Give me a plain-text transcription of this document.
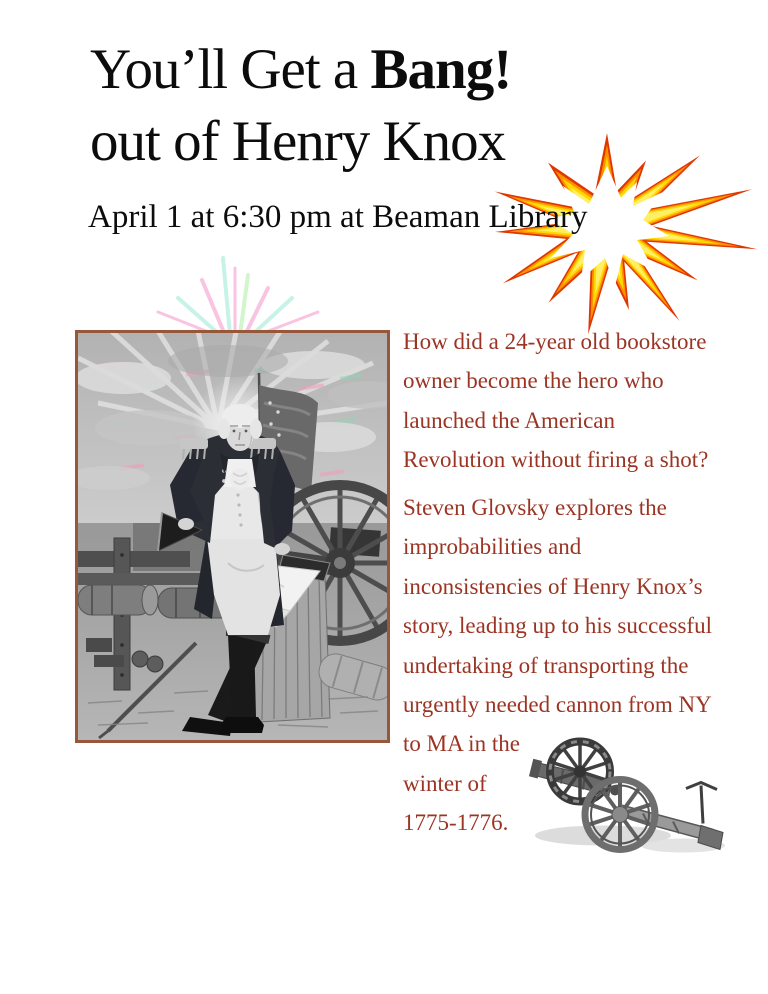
You’ll Get a Bang!
out of Henry Knox
April 1 at 6:30 pm at Beaman Library
How did a 24-year old bookstore
owner become the hero who
launched the American
Revolution without firing a shot?
Steven Glovsky explores the
improbabilities and
inconsistencies of Henry Knox’s
story, leading up to his successful
undertaking of transporting the
urgently needed cannon from NY
to MA in the
winter of
1775-1776.
